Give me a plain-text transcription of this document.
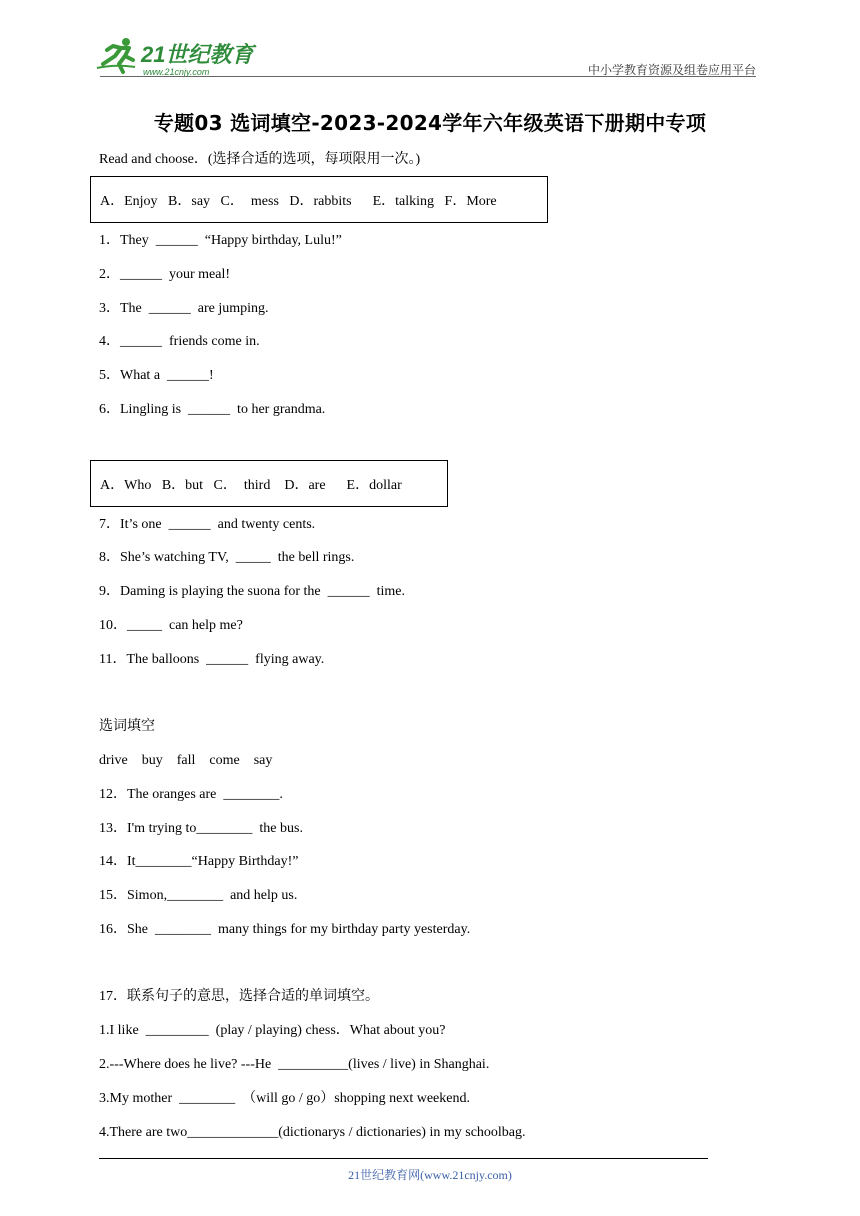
21世纪教育
www.21cnjy.com	中小学教育资源及组卷应用平台
专题03 选词填空-2023-2024学年六年级英语下册期中专项
Read and choose．(选择合适的选项，每项限用一次。)
A．Enjoy   B．say   C．  mess   D．rabbits      E．talking   F．More
1．They  ______  “Happy birthday, Lulu!”
2．______  your meal!
3．The  ______  are jumping.
4．______  friends come in.
5．What a  ______!
6．Lingling is  ______  to her grandma.
A．Who   B．but   C．  third    D．are      E．dollar
7．It’s one  ______  and twenty cents.
8．She’s watching TV,  _____  the bell rings.
9．Daming is playing the suona for the  ______  time.
10．_____  can help me?
11．The balloons  ______  flying away.
选词填空
drive    buy    fall    come    say
12．The oranges are  ________.
13．I'm trying to________  the bus.
14．It________“Happy Birthday!”
15．Simon,________  and help us.
16．She  ________  many things for my birthday party yesterday.
17．联系句子的意思，选择合适的单词填空。
1.I like  _________  (play / playing) chess．What about you?
2.---Where does he live? ---He  __________(lives / live) in Shanghai.
3.My mother  ________  （will go / go）shopping next weekend.
4.There are two_____________(dictionarys / dictionaries) in my schoolbag.
21世纪教育网(www.21cnjy.com)
